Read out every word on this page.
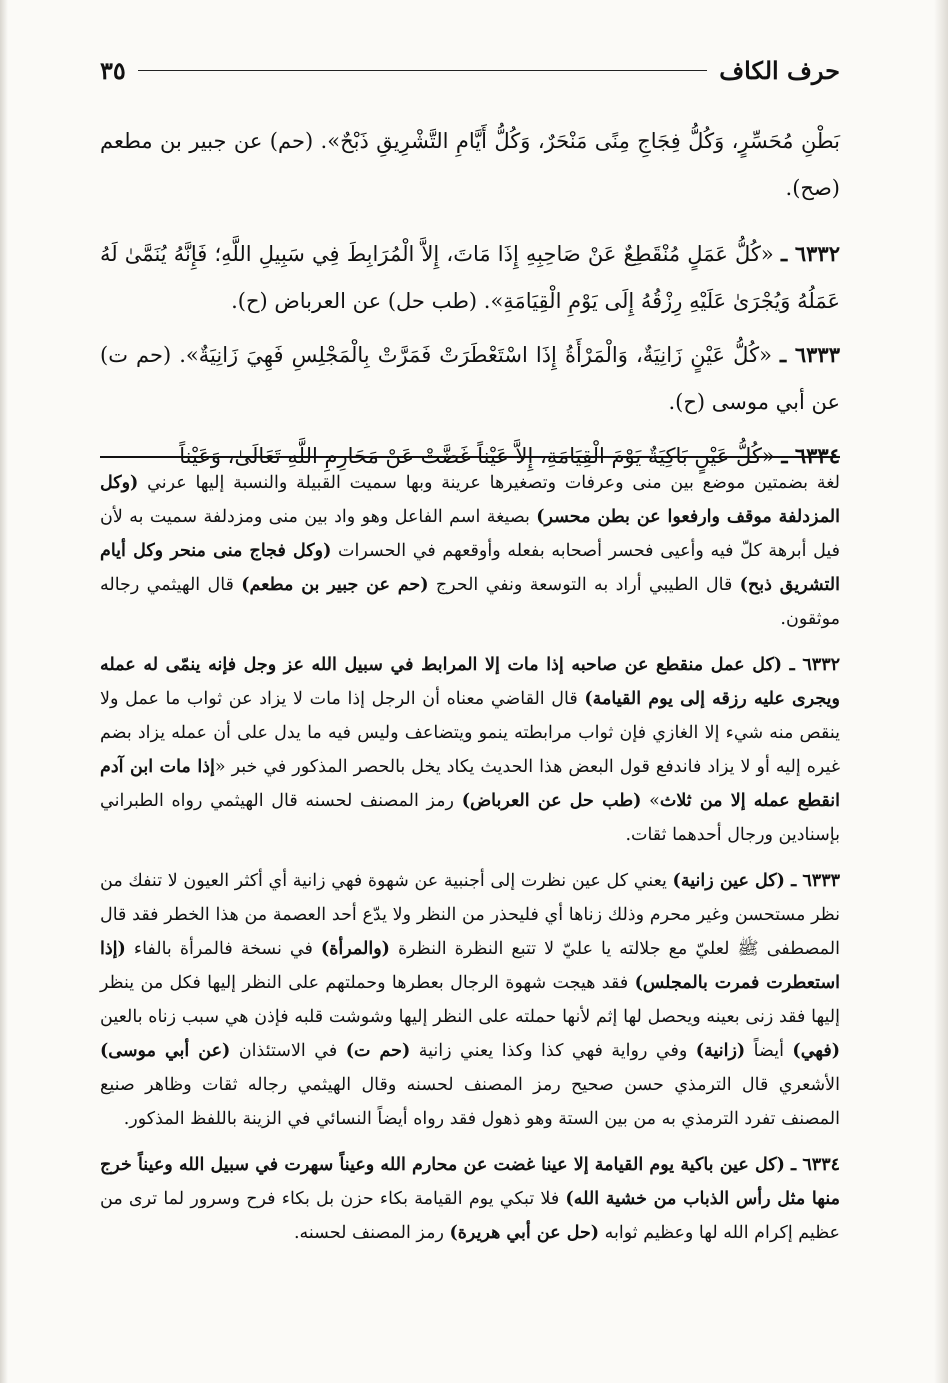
حرف الكاف
٣٥

بَطْنِ مُحَسِّرٍ، وَكُلُّ فِجَاجِ مِنًى مَنْحَرٌ، وَكُلُّ أَيَّامِ التَّشْرِيقِ ذَبْحٌ». (حم) عن جبير بن مطعم (صح).

٦٣٣٢ ـ «كُلُّ عَمَلٍ مُنْقَطِعٌ عَنْ صَاحِبِهِ إِذَا مَاتَ، إِلاَّ الْمُرَابِطَ فِي سَبِيلِ اللَّهِ؛ فَإِنَّهُ يُنَمَّىٰ لَهُ عَمَلُهُ وَيُجْرَىٰ عَلَيْهِ رِزْقُهُ إِلَى يَوْمِ الْقِيَامَةِ». (طب حل) عن العرباض (ح).

٦٣٣٣ ـ «كُلُّ عَيْنٍ زَانِيَةٌ، وَالْمَرْأَةُ إِذَا اسْتَعْطَرَتْ فَمَرَّتْ بِالْمَجْلِسِ فَهِيَ زَانِيَةٌ». (حم ت) عن أبي موسى (ح).

٦٣٣٤ ـ «كُلُّ عَيْنٍ بَاكِيَةٌ يَوْمَ الْقِيَامَةِ، إِلاَّ عَيْناً غَضَّتْ عَنْ مَحَارِمِ اللَّهِ تَعَالَىٰ، وَعَيْناً

لغة بضمتين موضع بين منى وعرفات وتصغيرها عرينة وبها سميت القبيلة والنسبة إليها عرني (وكل المزدلفة موقف وارفعوا عن بطن محسر) بصيغة اسم الفاعل وهو واد بين منى ومزدلفة سميت به لأن فيل أبرهة كلّ فيه وأعيى فحسر أصحابه بفعله وأوقعهم في الحسرات (وكل فجاج منى منحر وكل أيام التشريق ذبح) قال الطيبي أراد به التوسعة ونفي الحرج (حم عن جبير بن مطعم) قال الهيثمي رجاله موثقون.

٦٣٣٢ ـ (كل عمل منقطع عن صاحبه إذا مات إلا المرابط في سبيل الله عز وجل فإنه ينمّى له عمله ويجرى عليه رزقه إلى يوم القيامة) قال القاضي معناه أن الرجل إذا مات لا يزاد عن ثواب ما عمل ولا ينقص منه شيء إلا الغازي فإن ثواب مرابطته ينمو ويتضاعف وليس فيه ما يدل على أن عمله يزاد بضم غيره إليه أو لا يزاد فاندفع قول البعض هذا الحديث يكاد يخل بالحصر المذكور في خبر «إذا مات ابن آدم انقطع عمله إلا من ثلاث» (طب حل عن العرباض) رمز المصنف لحسنه قال الهيثمي رواه الطبراني بإسنادين ورجال أحدهما ثقات.

٦٣٣٣ ـ (كل عين زانية) يعني كل عين نظرت إلى أجنبية عن شهوة فهي زانية أي أكثر العيون لا تنفك من نظر مستحسن وغير محرم وذلك زناها أي فليحذر من النظر ولا يدّع أحد العصمة من هذا الخطر فقد قال المصطفى ﷺ لعليّ مع جلالته يا عليّ لا تتبع النظرة النظرة (والمرأة) في نسخة فالمرأة بالفاء (إذا استعطرت فمرت بالمجلس) فقد هيجت شهوة الرجال بعطرها وحملتهم على النظر إليها فكل من ينظر إليها فقد زنى بعينه ويحصل لها إثم لأنها حملته على النظر إليها وشوشت قلبه فإذن هي سبب زناه بالعين (فهي) أيضاً (زانية) وفي رواية فهي كذا وكذا يعني زانية (حم ت) في الاستئذان (عن أبي موسى) الأشعري قال الترمذي حسن صحيح رمز المصنف لحسنه وقال الهيثمي رجاله ثقات وظاهر صنيع المصنف تفرد الترمذي به من بين الستة وهو ذهول فقد رواه أيضاً النسائي في الزينة باللفظ المذكور.

٦٣٣٤ ـ (كل عين باكية يوم القيامة إلا عينا غضت عن محارم الله وعيناً سهرت في سبيل الله وعيناً خرج منها مثل رأس الذباب من خشية الله) فلا تبكي يوم القيامة بكاء حزن بل بكاء فرح وسرور لما ترى من عظيم إكرام الله لها وعظيم ثوابه (حل عن أبي هريرة) رمز المصنف لحسنه.
